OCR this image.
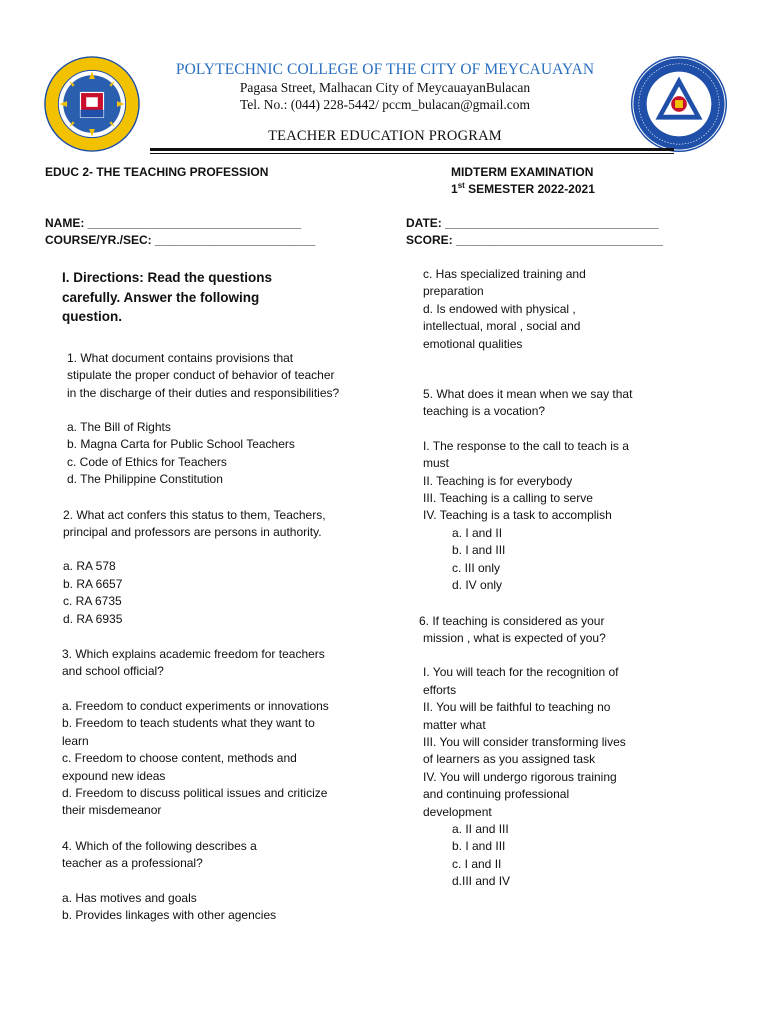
POLYTECHNIC COLLEGE OF THE CITY OF MEYCAUAYAN
Pagasa Street, Malhacan City of MeycauayanBulacan
Tel. No.: (044) 228-5442/ pccm_bulacan@gmail.com
TEACHER EDUCATION PROGRAM
EDUC 2- THE TEACHING PROFESSION	MIDTERM EXAMINATION
1st SEMESTER 2022-2021
NAME: ________________________________
COURSE/YR./SEC: ________________________
DATE: ________________________________
SCORE: _______________________________

I. Directions: Read the questions

carefully. Answer the following

question.

1. What document contains provisions that

stipulate the proper conduct of behavior of teacher

in the discharge of their duties and responsibilities?

a. The Bill of Rights

b. Magna Carta for Public School Teachers

c. Code of Ethics for Teachers

d. The Philippine Constitution

2. What act confers this status to them, Teachers,

principal and professors are persons in authority.

a. RA 578

b. RA 6657

c. RA 6735

d. RA 6935

3. Which explains academic freedom for teachers

and school official?

a. Freedom to conduct experiments or innovations

b. Freedom to teach students what they want to

learn

c. Freedom to choose content, methods and

expound new ideas

d. Freedom to discuss political issues and criticize

their misdemeanor

4. Which of the following describes a

teacher as a professional?

a. Has motives and goals

b. Provides linkages with other agencies

c. Has specialized training and

preparation

d. Is endowed with physical ,

intellectual, moral , social and

emotional qualities

5. What does it mean when we say that

teaching is a vocation?

I. The response to the call to teach is a

must

II. Teaching is for everybody

III. Teaching is a calling to serve

IV. Teaching is a task to accomplish

a. I and II

b. I and III

c. III only

d. IV only

6. If teaching is considered as your

mission , what is expected of you?

I. You will teach for the recognition of

efforts

II. You will be faithful to teaching no

matter what

III. You will consider transforming lives

of learners as you assigned task

IV. You will undergo rigorous training

and continuing professional

development

a. II and III

b. I and III

c. I and II

d.III and IV
